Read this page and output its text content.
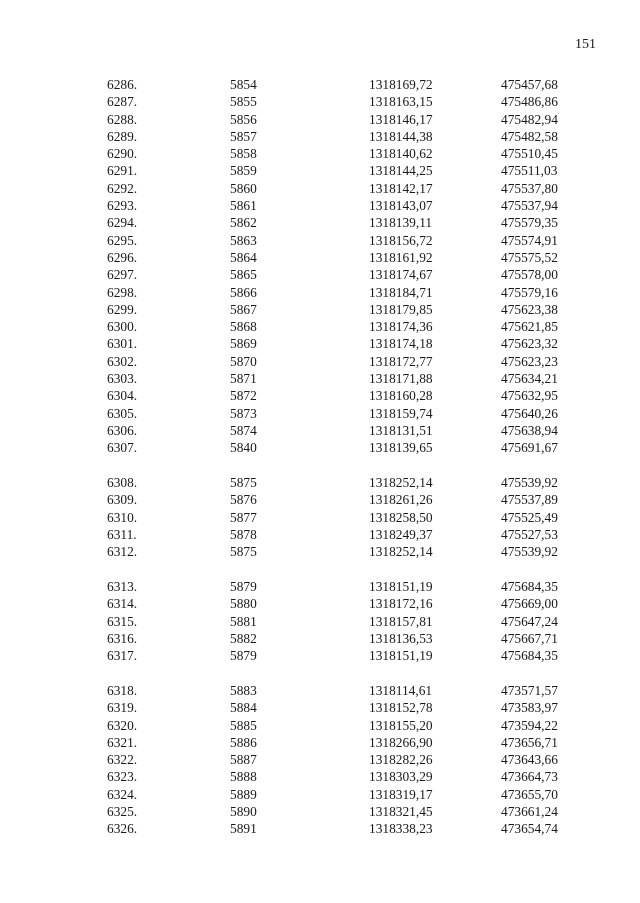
151
6286.	5854	1318169,72	475457,68
6287.	5855	1318163,15	475486,86
6288.	5856	1318146,17	475482,94
6289.	5857	1318144,38	475482,58
6290.	5858	1318140,62	475510,45
6291.	5859	1318144,25	475511,03
6292.	5860	1318142,17	475537,80
6293.	5861	1318143,07	475537,94
6294.	5862	1318139,11	475579,35
6295.	5863	1318156,72	475574,91
6296.	5864	1318161,92	475575,52
6297.	5865	1318174,67	475578,00
6298.	5866	1318184,71	475579,16
6299.	5867	1318179,85	475623,38
6300.	5868	1318174,36	475621,85
6301.	5869	1318174,18	475623,32
6302.	5870	1318172,77	475623,23
6303.	5871	1318171,88	475634,21
6304.	5872	1318160,28	475632,95
6305.	5873	1318159,74	475640,26
6306.	5874	1318131,51	475638,94
6307.	5840	1318139,65	475691,67
6308.	5875	1318252,14	475539,92
6309.	5876	1318261,26	475537,89
6310.	5877	1318258,50	475525,49
6311.	5878	1318249,37	475527,53
6312.	5875	1318252,14	475539,92
6313.	5879	1318151,19	475684,35
6314.	5880	1318172,16	475669,00
6315.	5881	1318157,81	475647,24
6316.	5882	1318136,53	475667,71
6317.	5879	1318151,19	475684,35
6318.	5883	1318114,61	473571,57
6319.	5884	1318152,78	473583,97
6320.	5885	1318155,20	473594,22
6321.	5886	1318266,90	473656,71
6322.	5887	1318282,26	473643,66
6323.	5888	1318303,29	473664,73
6324.	5889	1318319,17	473655,70
6325.	5890	1318321,45	473661,24
6326.	5891	1318338,23	473654,74
